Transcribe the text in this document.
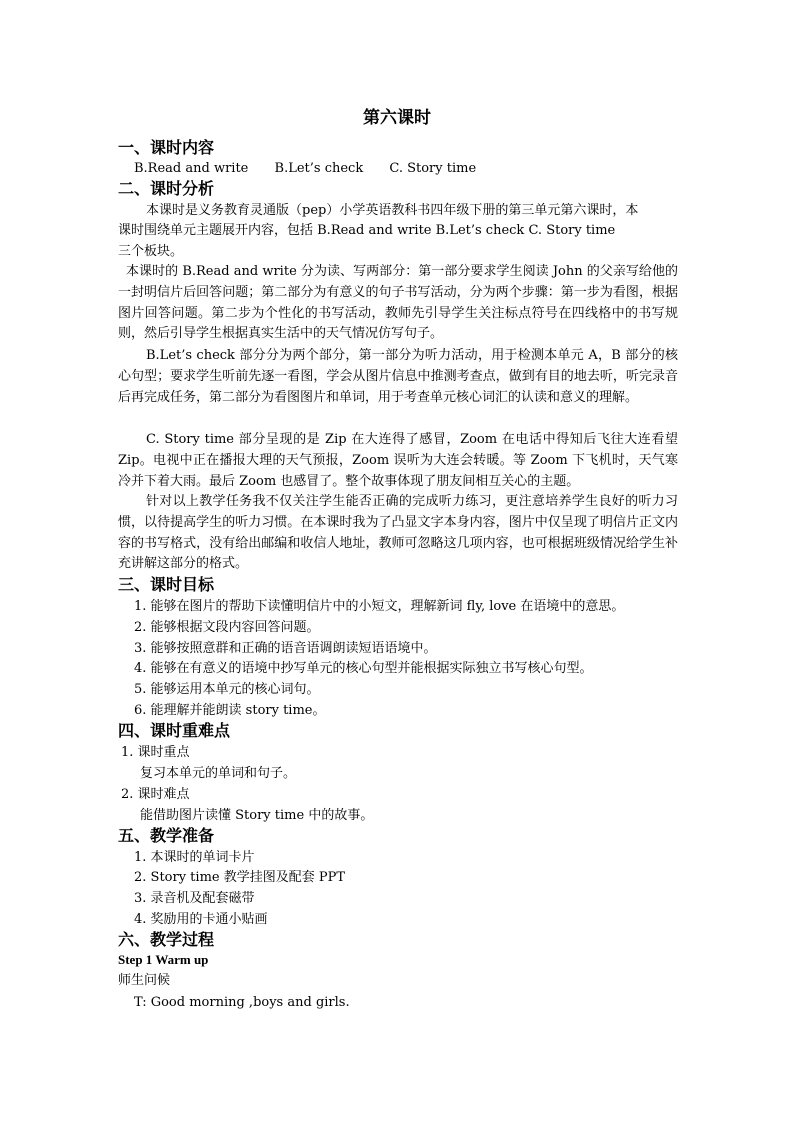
第六课时
一、课时内容
B.Read and write B.Let’s check C. Story time
二、课时分析
本课时是义务教育灵通版（pep）小学英语教科书四年级下册的第三单元第六课时，本
课时围绕单元主题展开内容，包括 B.Read and write B.Let’s check C. Story time
三个板块。
本课时的 B.Read and write 分为读、写两部分：第一部分要求学生阅读 John 的父亲写给他的一封明信片后回答问题；第二部分为有意义的句子书写活动，分为两个步骤：第一步为看图，根据图片回答问题。第二步为个性化的书写活动，教师先引导学生关注标点符号在四线格中的书写规则，然后引导学生根据真实生活中的天气情况仿写句子。
B.Let’s check 部分分为两个部分，第一部分为听力活动，用于检测本单元 A，B 部分的核心句型；要求学生听前先逐一看图，学会从图片信息中推测考查点，做到有目的地去听，听完录音后再完成任务，第二部分为看图图片和单词，用于考查单元核心词汇的认读和意义的理解。
C. Story time 部分呈现的是 Zip 在大连得了感冒，Zoom 在电话中得知后飞往大连看望 Zip。电视中正在播报大理的天气预报，Zoom 误听为大连会转暖。等 Zoom 下飞机时，天气寒冷并下着大雨。最后 Zoom 也感冒了。整个故事体现了朋友间相互关心的主题。
针对以上教学任务我不仅关注学生能否正确的完成听力练习，更注意培养学生良好的听力习惯，以待提高学生的听力习惯。在本课时我为了凸显文字本身内容，图片中仅呈现了明信片正文内容的书写格式，没有给出邮编和收信人地址，教师可忽略这几项内容，也可根据班级情况给学生补充讲解这部分的格式。
三、课时目标
1. 能够在图片的帮助下读懂明信片中的小短文，理解新词 fly, love 在语境中的意思。
2. 能够根据文段内容回答问题。
3. 能够按照意群和正确的语音语调朗读短语语境中。
4. 能够在有意义的语境中抄写单元的核心句型并能根据实际独立书写核心句型。
5. 能够运用本单元的核心词句。
6. 能理解并能朗读 story time。
四、课时重难点
1. 课时重点
复习本单元的单词和句子。
2. 课时难点
能借助图片读懂 Story time 中的故事。
五、教学准备
1. 本课时的单词卡片
2. Story time 教学挂图及配套 PPT
3. 录音机及配套磁带
4. 奖励用的卡通小贴画
六、教学过程
Step 1 Warm up
师生问候
T: Good morning ,boys and girls.
